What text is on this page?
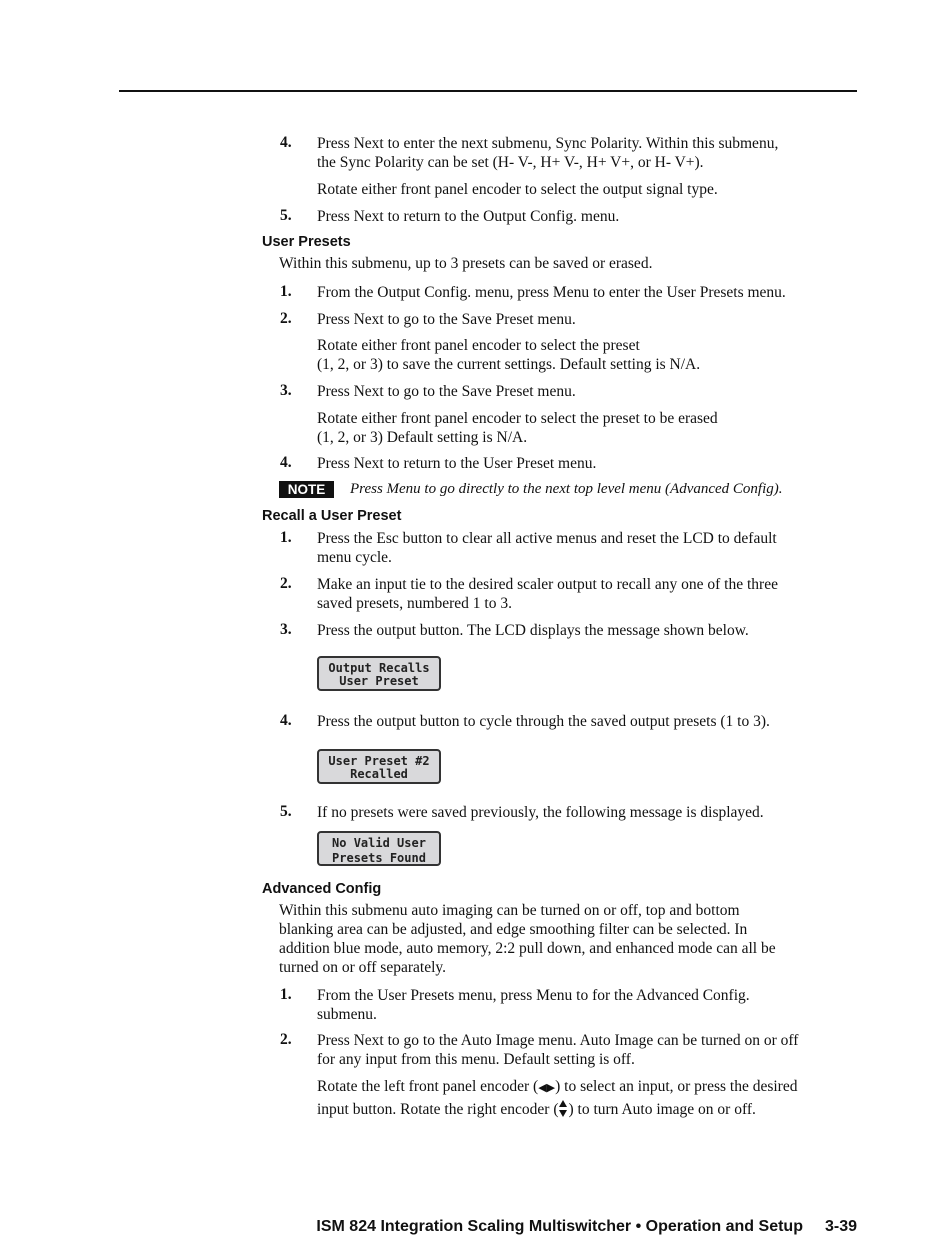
4. Press Next to enter the next submenu, Sync Polarity. Within this submenu,
the Sync Polarity can be set (H- V-, H+ V-, H+ V+, or H- V+).
Rotate either front panel encoder to select the output signal type.
5. Press Next to return to the Output Config. menu.
User Presets
Within this submenu, up to 3 presets can be saved or erased.
1. From the Output Config. menu, press Menu to enter the User Presets menu.
2. Press Next to go to the Save Preset menu.
Rotate either front panel encoder to select the preset
(1, 2, or 3) to save the current settings. Default setting is N/A.
3. Press Next to go to the Save Preset menu.
Rotate either front panel encoder to select the preset to be erased
(1, 2, or 3) Default setting is N/A.
4. Press Next to return to the User Preset menu.
NOTE	Press Menu to go directly to the next top level menu (Advanced Config).
Recall a User Preset
1. Press the Esc button to clear all active menus and reset the LCD to default
menu cycle.
2. Make an input tie to the desired scaler output to recall any one of the three
saved presets, numbered 1 to 3.
3. Press the output button. The LCD displays the message shown below.
Output Recalls
User Preset
4. Press the output button to cycle through the saved output presets (1 to 3).
User Preset #2
Recalled
5. If no presets were saved previously, the following message is displayed.
No Valid User
Presets Found
Advanced Config
Within this submenu auto imaging can be turned on or off, top and bottom
blanking area can be adjusted, and edge smoothing filter can be selected. In
addition blue mode, auto memory, 2:2 pull down, and enhanced mode can all be
turned on or off separately.
1. From the User Presets menu, press Menu to for the Advanced Config.
submenu.
2. Press Next to go to the Auto Image menu. Auto Image can be turned on or off
for any input from this menu. Default setting is off.
Rotate the left front panel encoder (◀▶) to select an input, or press the desired
input button. Rotate the right encoder ( ) to turn Auto image on or off.
ISM 824 Integration Scaling Multiswitcher • Operation and Setup 3-39
